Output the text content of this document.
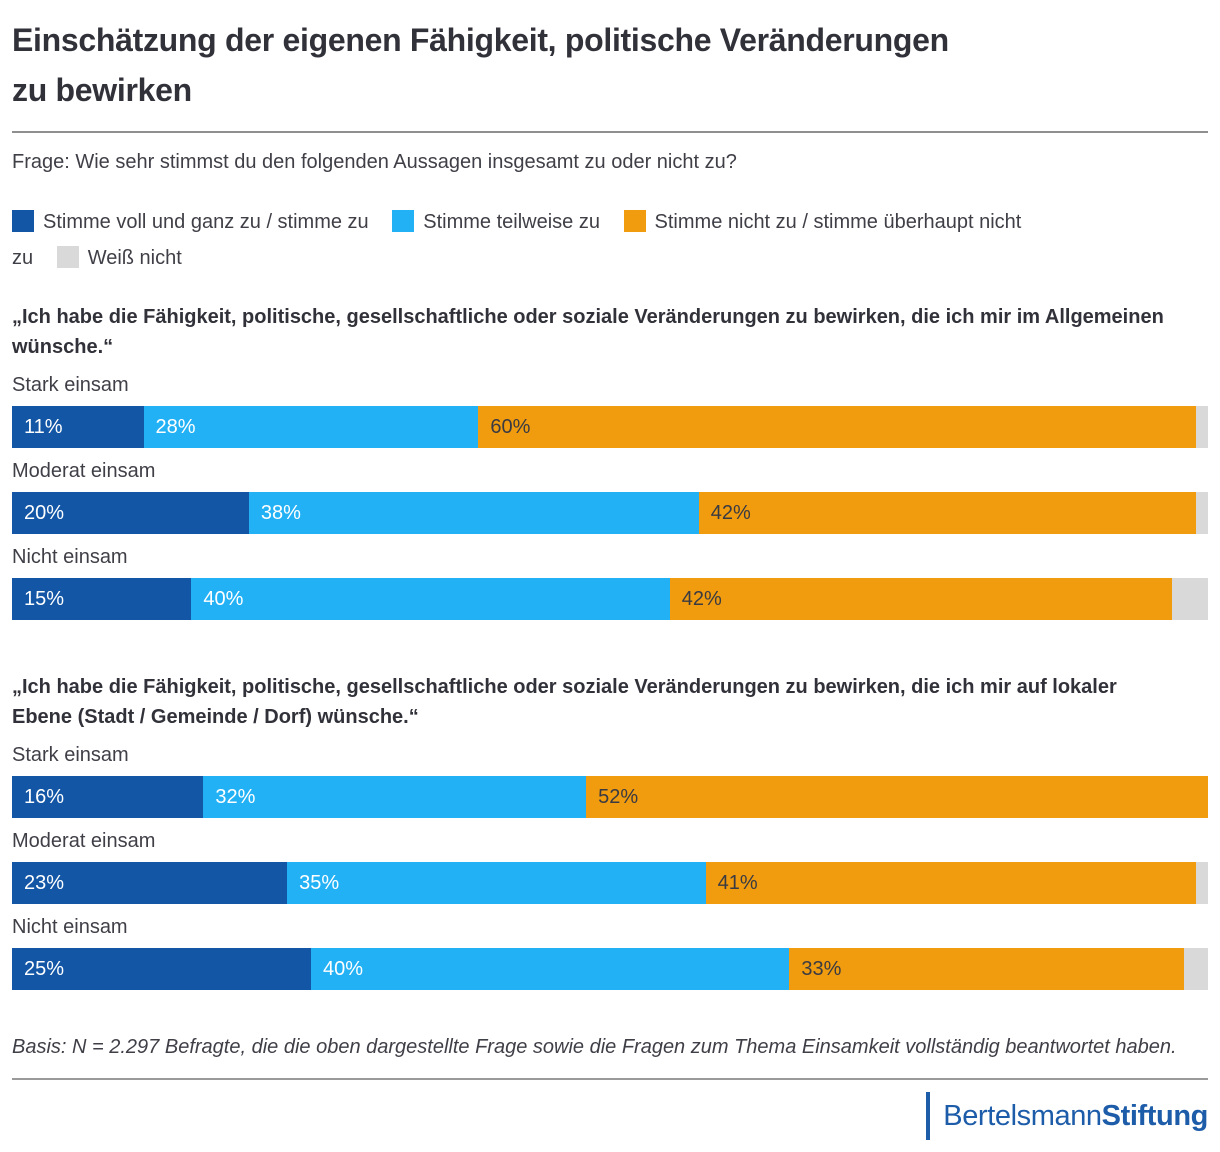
Einschätzung der eigenen Fähigkeit, politische Veränderungen zu bewirken

Frage: Wie sehr stimmst du den folgenden Aussagen insgesamt zu oder nicht zu?

Stimme voll und ganz zu / stimme zu	Stimme teilweise zu	Stimme nicht zu / stimme überhaupt nicht zu	Weiß nicht

„Ich habe die Fähigkeit, politische, gesellschaftliche oder soziale Veränderungen zu bewirken, die ich mir im Allgemeinen wünsche.“

Stark einsam
11%	28%	60%
Moderat einsam
20%	38%	42%
Nicht einsam
15%	40%	42%

„Ich habe die Fähigkeit, politische, gesellschaftliche oder soziale Veränderungen zu bewirken, die ich mir auf lokaler Ebene (Stadt / Gemeinde / Dorf) wünsche.“

Stark einsam
16%	32%	52%
Moderat einsam
23%	35%	41%
Nicht einsam
25%	40%	33%

Basis: N = 2.297 Befragte, die die oben dargestellte Frage sowie die Fragen zum Thema Einsamkeit vollständig beantwortet haben.

BertelsmannStiftung
